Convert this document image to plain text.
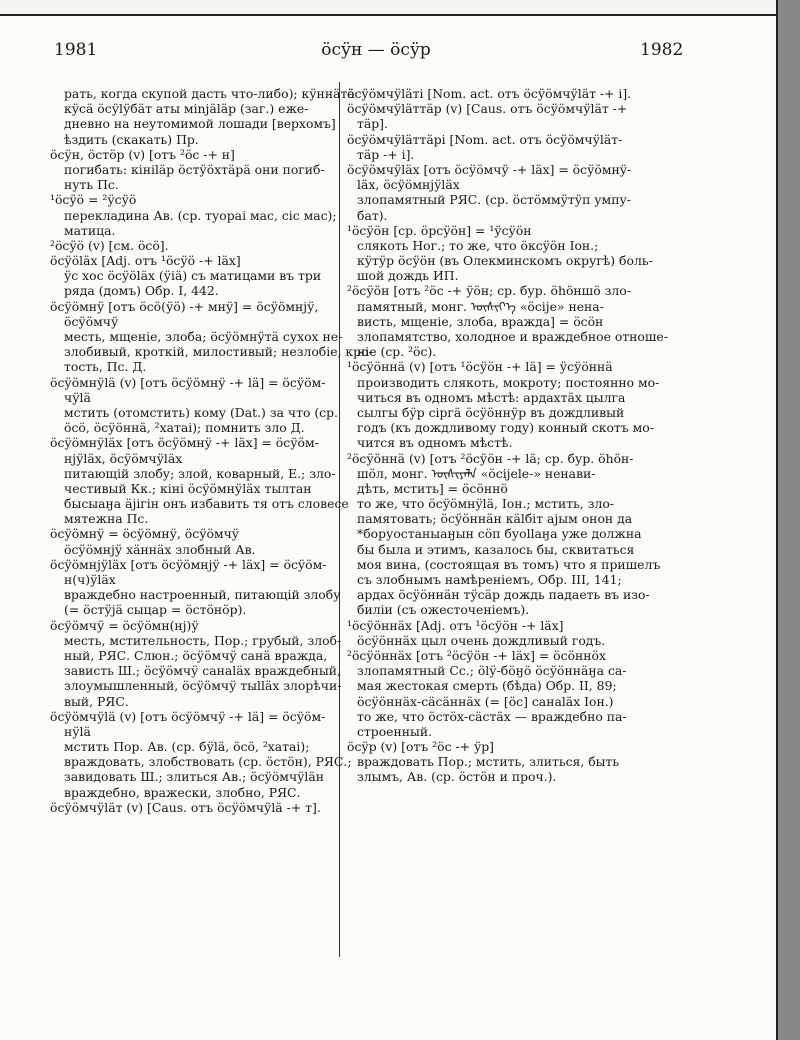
1981	ӧсӱн — ӧсӱр	1982
рать, когда скупой дасть что-либо); кӱннӓтӓ
кӱсӓ ӧсӱlӱбӓт аты мinjӓlӓр (заг.) еже-
дневно на неутомимой лошади [верхомъ]
ѣздить (скакать) Пр.
ӧсӱн, ӧстӧр (v) [отъ ²ӧс -+ н]
погибать: кініlӓр ӧстӱӧхтӓрӓ они погиб-
нуть Пс.
¹ӧсӱӧ = ²ӱсӱӧ
перекладина Ав. (ср. туораі мас, сіс мас);
матица.
²ӧсӱӧ (v) [см. ӧсӧ].
ӧсӱӧlӓх [Adj. отъ ¹ӧсӱӧ -+ lӓх]
ӱс хос ӧсӱӧlӓх (ӱіӓ) съ матицами въ три
ряда (домъ) Обр. I, 442.
ӧсӱӧмнӱ [отъ ӧсӧ(ӱӧ) -+ мнӱ] = ӧсӱӧмнjӱ,
ӧсӱӧмчӱ
месть, мщеніе, злоба; ӧсӱӧмнӱтӓ сухох не-
злобивый, кроткій, милостивый; незлобіе, кро-
тость, Пс. Д.
ӧсӱӧмнӱlӓ (v) [отъ ӧсӱӧмнӱ -+ lӓ] = ӧсӱӧм-
чӱlӓ
мстить (отомстить) кому (Dat.) за что (ср.
ӧсӧ, ӧсӱӧннӓ, ²хатаі); помнить зло Д.
ӧсӱӧмнӱlӓх [отъ ӧсӱӧмнӱ -+ lӓх] = ӧсӱӧм-
нjӱlӓх, ӧсӱӧмчӱlӓх
питающій злобу; злой, коварный, Е.; зло-
честивый Кк.; кінi ӧсӱӧмнӱlӓх тылтан
бысыаӈа ӓjігін онъ избавить тя отъ словесе
мятежна Пс.
ӧсӱӧмнӱ = ӧсӱӧмнӱ, ӧсӱӧмчӱ
ӧсӱӧмнjӱ хӓннӓх злобный Ав.
ӧсӱӧмнjӱlӓх [отъ ӧсӱӧмнjӱ -+ lӓх] = ӧсӱӧм-
н(ч)ӱlӓх
враждебно настроенный, питающій злобу
(= ӧстӱjӓ сыцар = ӧстӧнӧр).
ӧсӱӧмчӱ = ӧсӱӧмн(нj)ӱ
месть, мстительность, Пор.; грубый, злоб-
ный, РЯС. Слюн.; ӧсӱӧмчӱ санӓ вражда,
зависть Ш.; ӧсӱӧмчӱ санаlӓх враждебный,
злоумышленный, ӧсӱӧмчӱ тыllӓх злорѣчи-
вый, РЯС.
ӧсӱӧмчӱlӓ (v) [отъ ӧсӱӧмчӱ -+ lӓ] = ӧсӱӧм-
нӱlӓ
мстить Пор. Ав. (ср. бӱlӓ, ӧсӧ, ²хатаі);
враждовать, злобствовать (ср. ӧстӧн), РЯС.;
завидовать Ш.; злиться Ав.; ӧсӱӧмчӱlӓн
враждебно, вражески, злобно, РЯС.
ӧсӱӧмчӱlӓт (v) [Caus. отъ ӧсӱӧмчӱlӓ -+ т].
ӧсӱӧмчӱlӓтi [Nom. act. отъ ӧсӱӧмчӱlӓт -+ i].
ӧсӱӧмчӱlӓттӓр (v) [Caus. отъ ӧсӱӧмчӱlӓт -+
тӓр].
ӧсӱӧмчӱlӓттӓрi [Nom. act. отъ ӧсӱӧмчӱlӓт-
тӓр -+ i].
ӧсӱӧмчӱlӓх [отъ ӧсӱӧмчӱ -+ lӓх] = ӧсӱӧмнӱ-
lӓх, ӧсӱӧмнjӱlӓх
злопамятный РЯС. (ср. ӧстӧммӱтӱп умпу-
бат).
¹ӧсӱӧн [ср. ӧрсӱӧн] = ¹ӱсӱӧн
слякоть Нoг.; то же, что ӧксӱӧн Іон.;
кӱтӱр ӧсӱӧн (въ Олекминскомъ округѣ) боль-
шой дождь ИП.
²ӧсӱӧн [отъ ²ӧс -+ ӱӧн; ср. бур. ӧhӧншӧ зло-
памятный, монг. ᠥᠰᠢᠶ᠎ᠡ «ӧсiјe» нена-
висть, мщеніе, злоба, вражда] = ӧсӧн
злопамятство, холодное и враждебное отноше-
ніе (ср. ²ӧс).
¹ӧсӱӧннӓ (v) [отъ ¹ӧсӱӧн -+ lӓ] = ӱсӱӧннӓ
производить слякоть, мокроту; постоянно мо-
читься въ одномъ мѣстѣ: ардахтӓх цылга
сылгы бӱр сiргӓ ӧсӱӧннӱр въ дождливый
годъ (къ дождливому году) конный скотъ мо-
чится въ одномъ мѣстѣ.
²ӧсӱӧннӓ (v) [отъ ²ӧсӱӧн -+ lӓ; ср. бур. ӧhӧн-
шӧл, монг. ᠥᠰᠢᠶᠡᠯᠡ «ӧсiјеlе-» ненави-
дѣть, мстить] = ӧсӧннӧ
то же, что ӧсӱӧмнӱlӓ, Іон.; мстить, зло-
памятовать; ӧсӱӧннӓн кӓlбiт аjым онон да
*боруостаныаӈын сӧп буоllаӈа уже должна
бы была и этимъ, казалось бы, сквитаться
моя вина, (состоящая въ томъ) что я пришелъ
съ злобнымъ намѣреніемъ, Обр. III, 141;
ардах ӧсӱӧннӓн тӱсӓр дождь падаеть въ изо-
биліи (съ ожесточеніемъ).
¹ӧсӱӧннӓх [Adj. отъ ¹ӧсӱӧн -+ lӓх]
ӧсӱӧннӓх цыл очень дождливый годъ.
²ӧсӱӧннӓх [отъ ²ӧсӱӧн -+ lӓх] = ӧсӧннӧх
злопамятный Сс.; ӧlӱ-бӧӈӧ ӧсӱӧннӓӈа са-
мая жестокая смерть (бѣда) Обр. II, 89;
ӧсӱӧннӓх-сӓсӓннӓх (= [ӧс] санаlӓх Іон.)
то же, что ӧстӧх-сӓстӓх — враждебно па-
строенный.
ӧсӱр (v) [отъ ²ӧс -+ ӱр]
враждовать Пор.; мстить, злиться, быть
злымъ, Ав. (ср. ӧстӧн и проч.).
